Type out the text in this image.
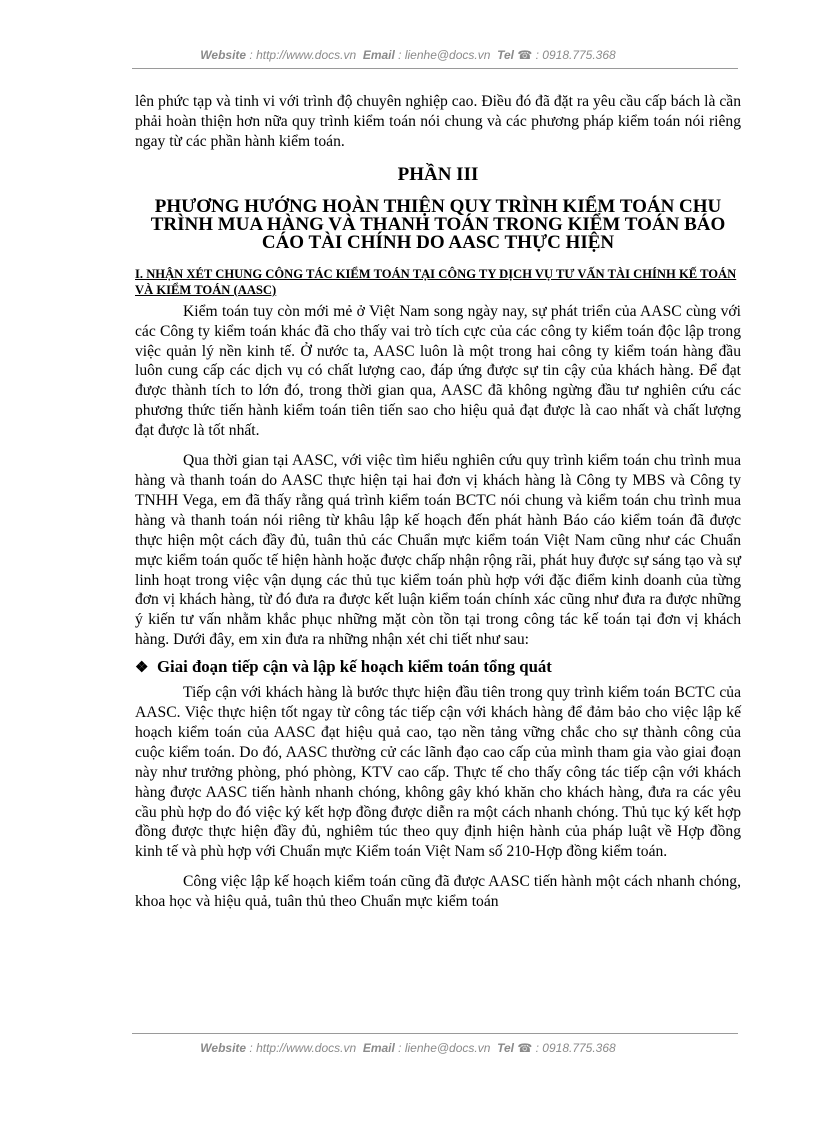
Website : http://www.docs.vn Email : lienhe@docs.vn Tel ☎ : 0918.775.368

lên phức tạp và tinh vi với trình độ chuyên nghiệp cao. Điều đó đã đặt ra yêu cầu cấp bách là cần phải hoàn thiện hơn nữa quy trình kiểm toán nói chung và các phương pháp kiểm toán nói riêng ngay từ các phần hành kiểm toán.

PHẦN III
PHƯƠNG HƯỚNG HOÀN THIỆN QUY TRÌNH KIỂM TOÁN CHU TRÌNH MUA HÀNG VÀ THANH TOÁN TRONG KIỂM TOÁN BÁO CÁO TÀI CHÍNH DO AASC THỰC HIỆN
I. NHẬN XÉT CHUNG CÔNG TÁC KIỂM TOÁN TẠI CÔNG TY DỊCH VỤ TƯ VẤN TÀI CHÍNH KẾ TOÁN VÀ KIỂM TOÁN (AASC)

Kiểm toán tuy còn mới mẻ ở Việt Nam song ngày nay, sự phát triển của AASC cùng với các Công ty kiểm toán khác đã cho thấy vai trò tích cực của các công ty kiểm toán độc lập trong việc quản lý nền kinh tế. Ở nước ta, AASC luôn là một trong hai công ty kiểm toán hàng đầu luôn cung cấp các dịch vụ có chất lượng cao, đáp ứng được sự tin cậy của khách hàng. Để đạt được thành tích to lớn đó, trong thời gian qua, AASC đã không ngừng đầu tư nghiên cứu các phương thức tiến hành kiểm toán tiên tiến sao cho hiệu quả đạt được là cao nhất và chất lượng đạt được là tốt nhất.

Qua thời gian tại AASC, với việc tìm hiểu nghiên cứu quy trình kiểm toán chu trình mua hàng và thanh toán do AASC thực hiện tại hai đơn vị khách hàng là Công ty MBS và Công ty TNHH Vega, em đã thấy rằng quá trình kiểm toán BCTC nói chung và kiểm toán chu trình mua hàng và thanh toán nói riêng từ khâu lập kế hoạch đến phát hành Báo cáo kiểm toán đã được thực hiện một cách đầy đủ, tuân thủ các Chuẩn mực kiểm toán Việt Nam cũng như các Chuẩn mực kiểm toán quốc tế hiện hành hoặc được chấp nhận rộng rãi, phát huy được sự sáng tạo và sự linh hoạt trong việc vận dụng các thủ tục kiểm toán phù hợp với đặc điểm kinh doanh của từng đơn vị khách hàng, từ đó đưa ra được kết luận kiểm toán chính xác cũng như đưa ra được những ý kiến tư vấn nhằm khắc phục những mặt còn tồn tại trong công tác kế toán tại đơn vị khách hàng. Dưới đây, em xin đưa ra những nhận xét chi tiết như sau:

❖ Giai đoạn tiếp cận và lập kế hoạch kiểm toán tổng quát

Tiếp cận với khách hàng là bước thực hiện đầu tiên trong quy trình kiểm toán BCTC của AASC. Việc thực hiện tốt ngay từ công tác tiếp cận với khách hàng để đảm bảo cho việc lập kế hoạch kiểm toán của AASC đạt hiệu quả cao, tạo nền tảng vững chắc cho sự thành công của cuộc kiểm toán. Do đó, AASC thường cử các lãnh đạo cao cấp của mình tham gia vào giai đoạn này như trưởng phòng, phó phòng, KTV cao cấp. Thực tế cho thấy công tác tiếp cận với khách hàng được AASC tiến hành nhanh chóng, không gây khó khăn cho khách hàng, đưa ra các yêu cầu phù hợp do đó việc ký kết hợp đồng được diễn ra một cách nhanh chóng. Thủ tục ký kết hợp đồng được thực hiện đầy đủ, nghiêm túc theo quy định hiện hành của pháp luật về Hợp đồng kinh tế và phù hợp với Chuẩn mực Kiểm toán Việt Nam số 210-Hợp đồng kiểm toán.

Công việc lập kế hoạch kiểm toán cũng đã được AASC tiến hành một cách nhanh chóng, khoa học và hiệu quả, tuân thủ theo Chuẩn mực kiểm toán

Website : http://www.docs.vn Email : lienhe@docs.vn Tel ☎ : 0918.775.368
